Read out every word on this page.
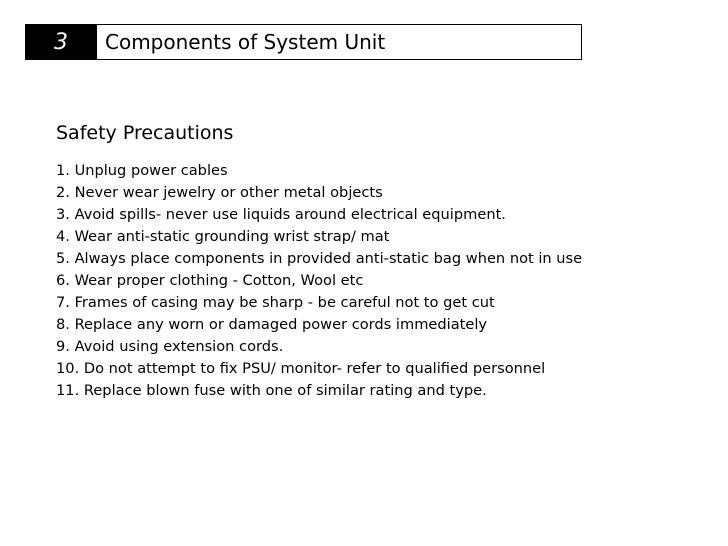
3	Components of System Unit
Safety Precautions
1. Unplug power cables
2. Never wear jewelry or other metal objects
3. Avoid spills- never use liquids around electrical equipment.
4. Wear anti-static grounding wrist strap/ mat
5. Always place components in provided anti-static bag when not in use
6. Wear proper clothing - Cotton, Wool etc
7. Frames of casing may be sharp - be careful not to get cut
8. Replace any worn or damaged power cords immediately
9. Avoid using extension cords.
10. Do not attempt to fix PSU/ monitor- refer to qualified personnel
11. Replace blown fuse with one of similar rating and type.
